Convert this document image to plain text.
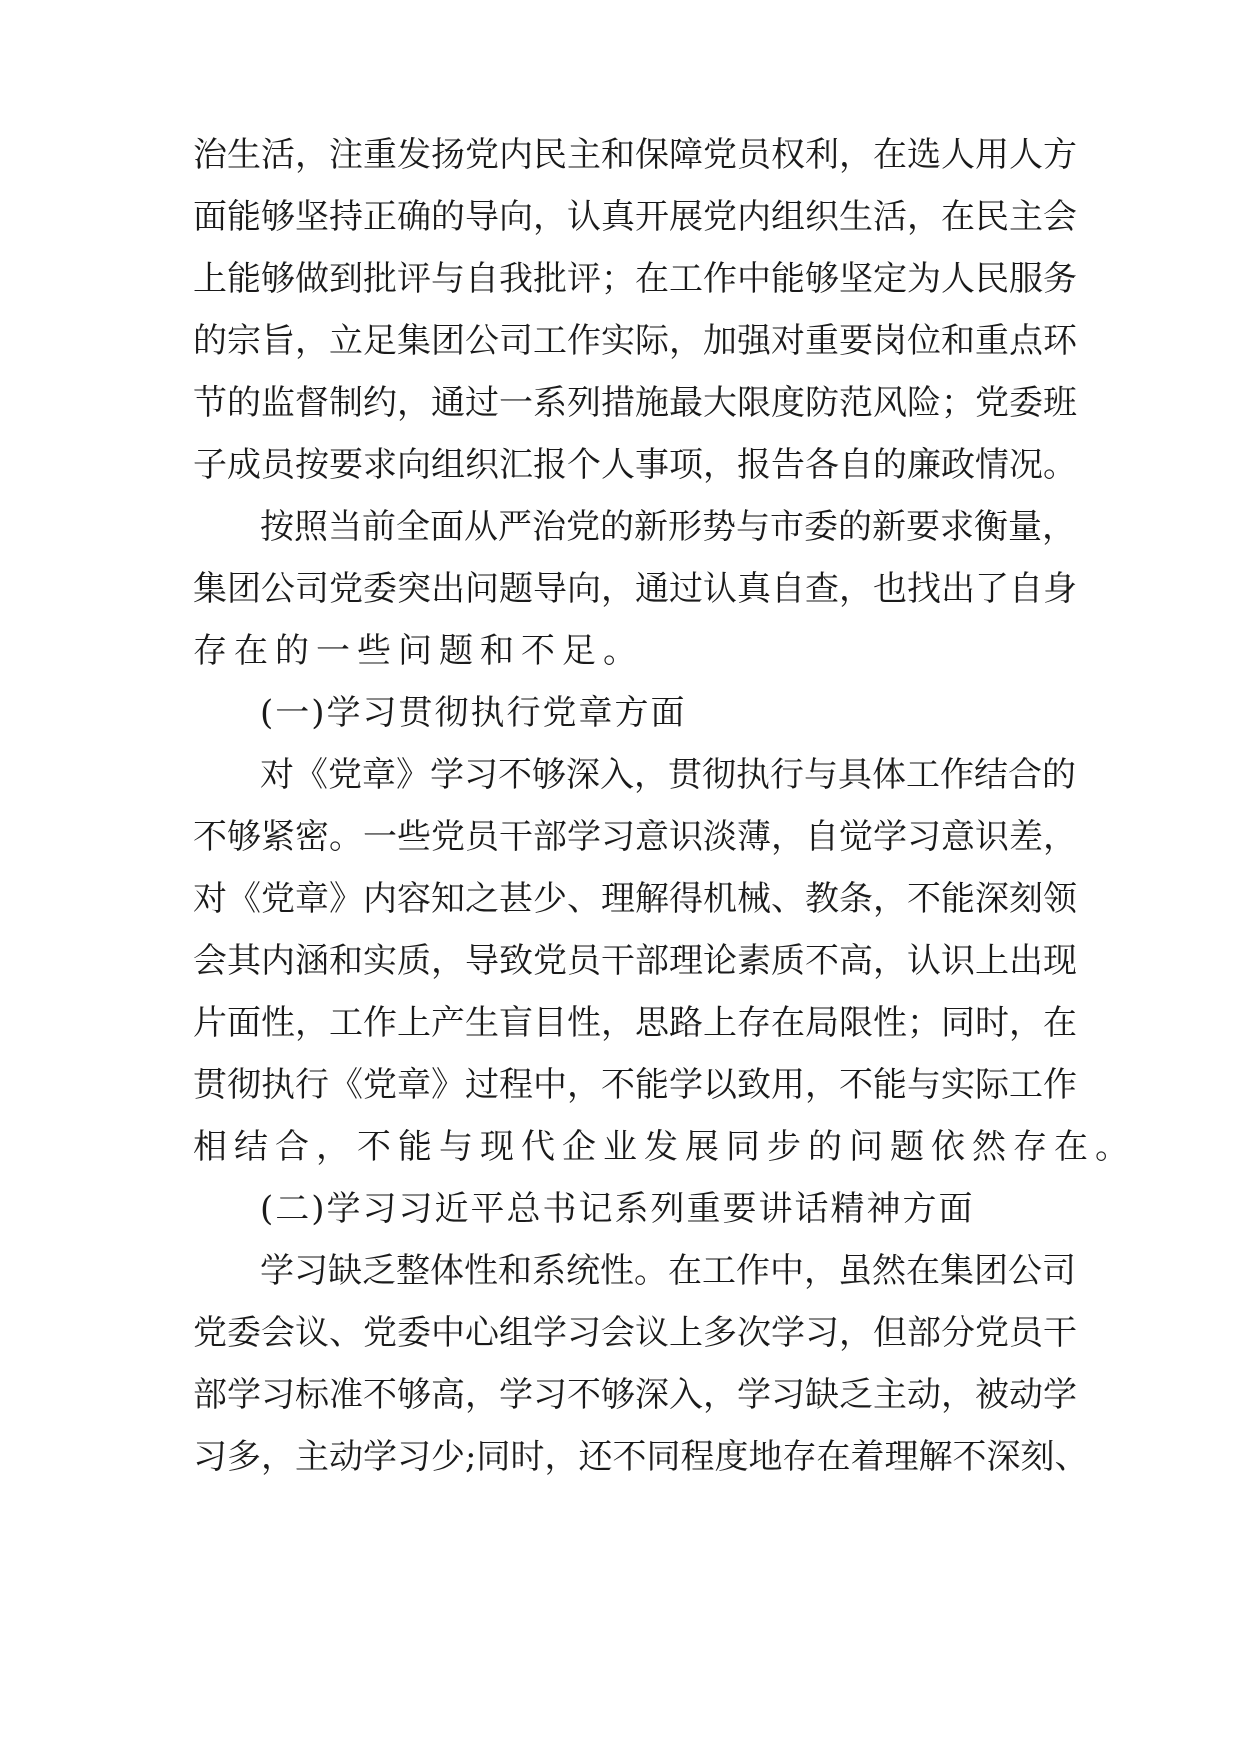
治生活，注重发扬党内民主和保障党员权利，在选人用人方
面能够坚持正确的导向，认真开展党内组织生活，在民主会
上能够做到批评与自我批评；在工作中能够坚定为人民服务
的宗旨，立足集团公司工作实际，加强对重要岗位和重点环
节的监督制约，通过一系列措施最大限度防范风险；党委班
子成员按要求向组织汇报个人事项，报告各自的廉政情况。
按照当前全面从严治党的新形势与市委的新要求衡量，
集团公司党委突出问题导向，通过认真自查，也找出了自身
存在的一些问题和不足。
(一)学习贯彻执行党章方面
对《党章》学习不够深入，贯彻执行与具体工作结合的
不够紧密。一些党员干部学习意识淡薄，自觉学习意识差，
对《党章》内容知之甚少、理解得机械、教条，不能深刻领
会其内涵和实质，导致党员干部理论素质不高，认识上出现
片面性，工作上产生盲目性，思路上存在局限性；同时，在
贯彻执行《党章》过程中，不能学以致用，不能与实际工作
相结合，不能与现代企业发展同步的问题依然存在。
(二)学习习近平总书记系列重要讲话精神方面
学习缺乏整体性和系统性。在工作中，虽然在集团公司
党委会议、党委中心组学习会议上多次学习，但部分党员干
部学习标准不够高，学习不够深入，学习缺乏主动，被动学
习多，主动学习少;同时，还不同程度地存在着理解不深刻、
